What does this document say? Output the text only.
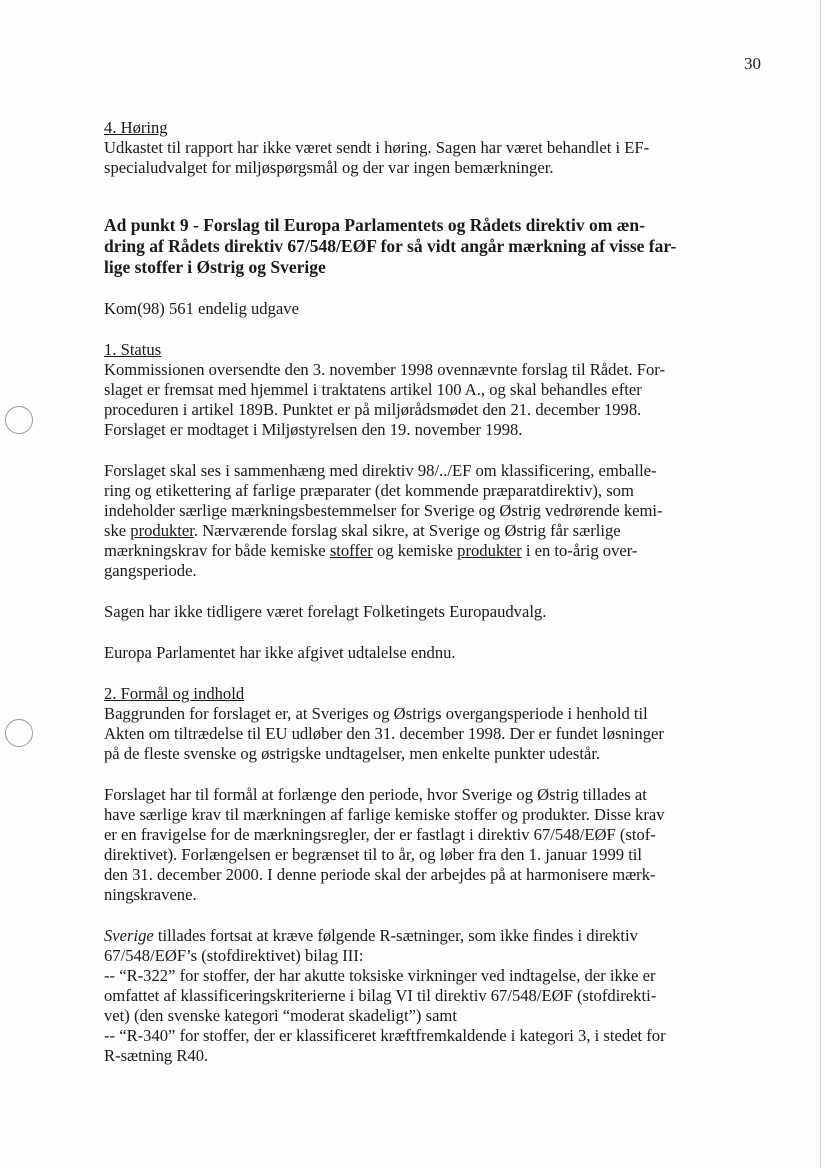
30

4. Høring

Udkastet til rapport har ikke været sendt i høring. Sagen har været behandlet i EF-

specialudvalget for miljøspørgsmål og der var ingen bemærkninger.

Ad punkt 9 - Forslag til Europa Parlamentets og Rådets direktiv om æn-

dring af Rådets direktiv 67/548/EØF for så vidt angår mærkning af visse far-

lige stoffer i Østrig og Sverige

Kom(98) 561 endelig udgave

1. Status

Kommissionen oversendte den 3. november 1998 ovennævnte forslag til Rådet. For-

slaget er fremsat med hjemmel i traktatens artikel 100 A., og skal behandles efter

proceduren i artikel 189B. Punktet er på miljørådsmødet den 21. december 1998.

Forslaget er modtaget i Miljøstyrelsen den 19. november 1998.

Forslaget skal ses i sammenhæng med direktiv 98/../EF om klassificering, emballe-

ring og etikettering af farlige præparater (det kommende præparatdirektiv), som

indeholder særlige mærkningsbestemmelser for Sverige og Østrig vedrørende kemi-

ske produkter. Nærværende forslag skal sikre, at Sverige og Østrig får særlige

mærkningskrav for både kemiske stoffer og kemiske produkter i en to-årig over-

gangsperiode.

Sagen har ikke tidligere været forelagt Folketingets Europaudvalg.

Europa Parlamentet har ikke afgivet udtalelse endnu.

2. Formål og indhold

Baggrunden for forslaget er, at Sveriges og Østrigs overgangsperiode i henhold til

Akten om tiltrædelse til EU udløber den 31. december 1998. Der er fundet løsninger

på de fleste svenske og østrigske undtagelser, men enkelte punkter udestår.

Forslaget har til formål at forlænge den periode, hvor Sverige og Østrig tillades at

have særlige krav til mærkningen af farlige kemiske stoffer og produkter. Disse krav

er en fravigelse for de mærkningsregler, der er fastlagt i direktiv 67/548/EØF (stof-

direktivet). Forlængelsen er begrænset til to år, og løber fra den 1. januar 1999 til

den 31. december 2000. I denne periode skal der arbejdes på at harmonisere mærk-

ningskravene.

Sverige tillades fortsat at kræve følgende R-sætninger, som ikke findes i direktiv

67/548/EØF’s (stofdirektivet) bilag III:

-- “R-322” for stoffer, der har akutte toksiske virkninger ved indtagelse, der ikke er

omfattet af klassificeringskriterierne i bilag VI til direktiv 67/548/EØF (stofdirekti-

vet) (den svenske kategori “moderat skadeligt”) samt

-- “R-340” for stoffer, der er klassificeret kræftfremkaldende i kategori 3, i stedet for

R-sætning R40.
